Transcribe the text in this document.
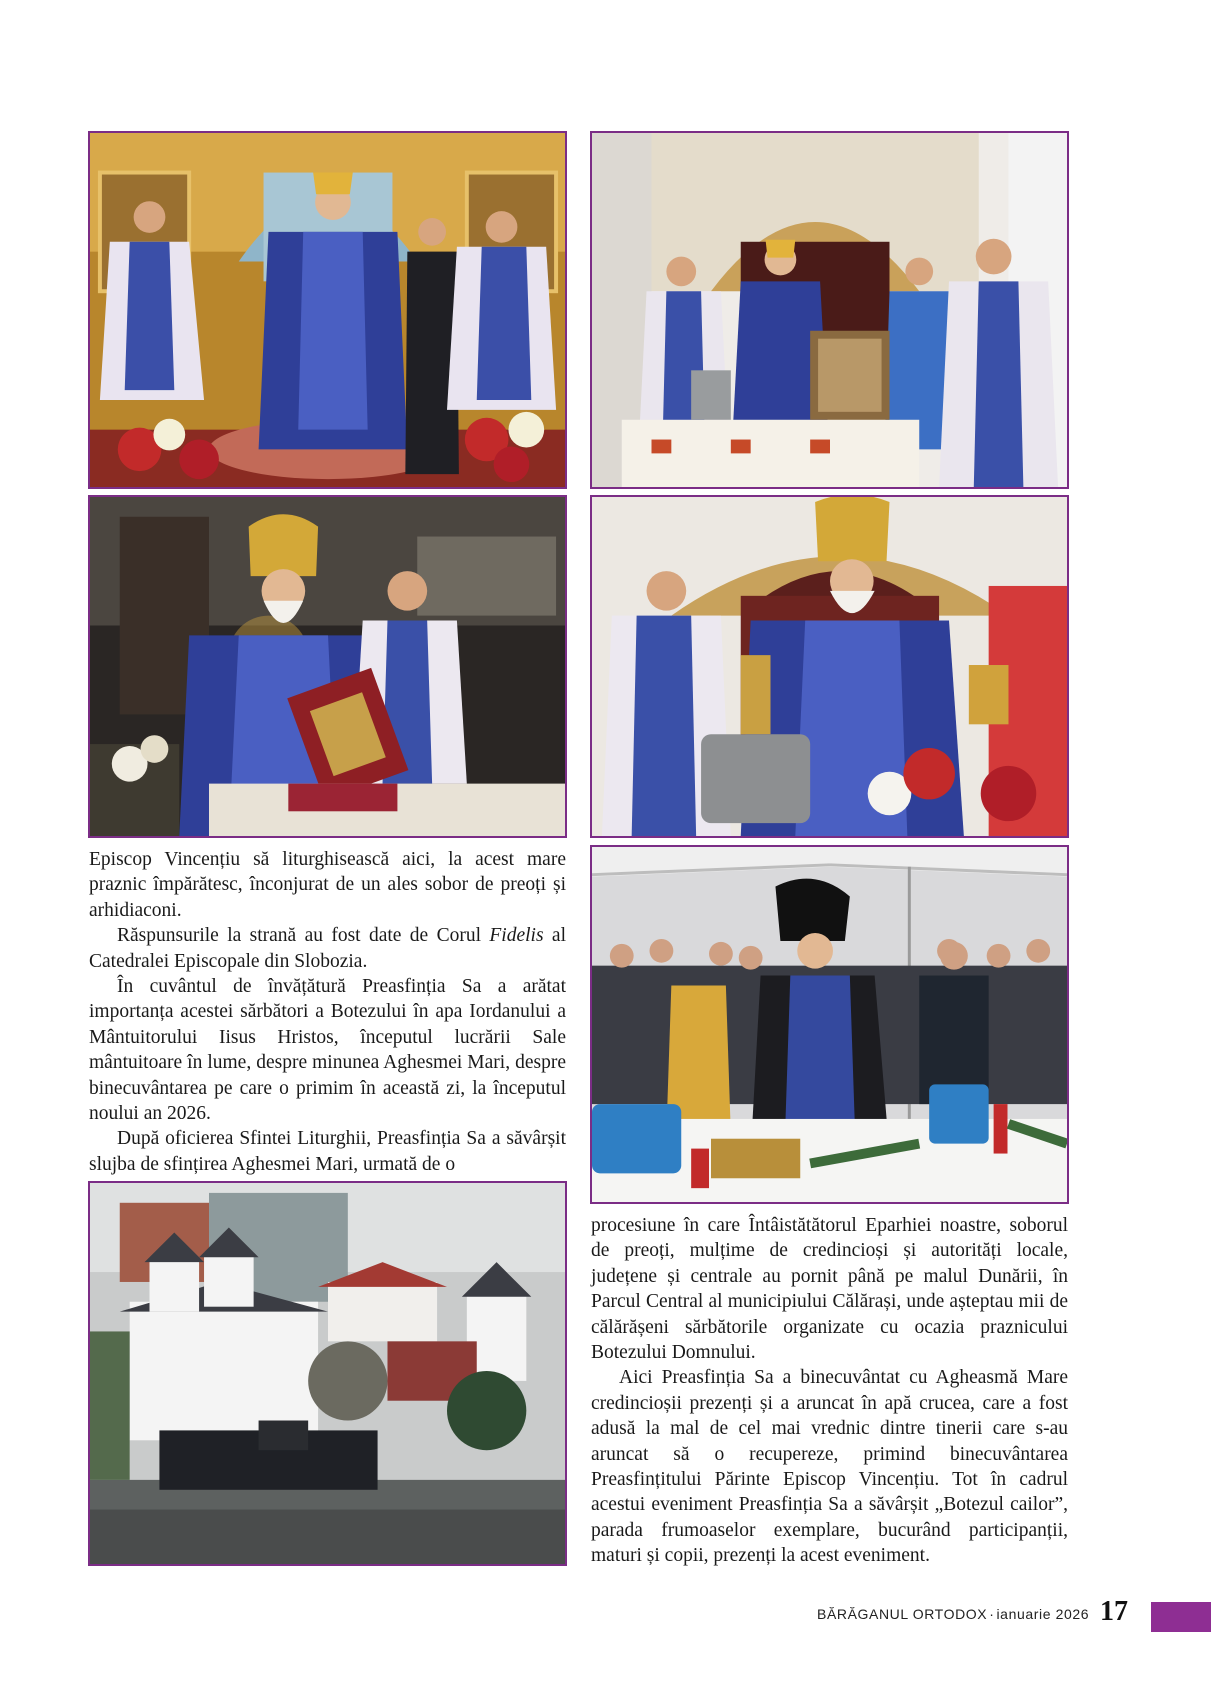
Episcop Vincențiu să liturghisească aici, la acest mare praznic împărătesc, înconjurat de un ales sobor de preoți și arhidiaconi.

Răspunsurile la strană au fost date de Corul Fidelis al Catedralei Episcopale din Slobozia.

În cuvântul de învățătură Preasfinția Sa a arătat importanța acestei sărbători a Botezului în apa Iordanului a Mântuitorului Iisus Hristos, începutul lucrării Sale mântuitoare în lume, despre minunea Aghesmei Mari, despre binecuvântarea pe care o primim în această zi, la începutul noului an 2026.

După oficierea Sfintei Liturghii, Preasfinția Sa a săvârșit slujba de sfințirea Aghesmei Mari, urmată de o

procesiune în care Întâistătătorul Eparhiei noastre, soborul de preoți, mulțime de credincioși și autorități locale, județene și centrale au pornit până pe malul Dunării, în Parcul Central al municipiului Călărași, unde așteptau mii de călărășeni sărbătorile organizate cu ocazia praznicului Botezului Domnului.

Aici Preasfinția Sa a binecuvântat cu Agheasmă Mare credincioșii prezenți și a aruncat în apă crucea, care a fost adusă la mal de cel mai vrednic dintre tinerii care s-au aruncat să o recupereze, primind binecuvântarea Preasfințitului Părinte Episcop Vincențiu. Tot în cadrul acestui eveniment Preasfinția Sa a săvârșit „Botezul cailor”, parada frumoaselor exemplare, bucurând participanții, maturi și copii, prezenți la acest eveniment.

BĂRĂGANUL ORTODOX · ianuarie 2026 17
